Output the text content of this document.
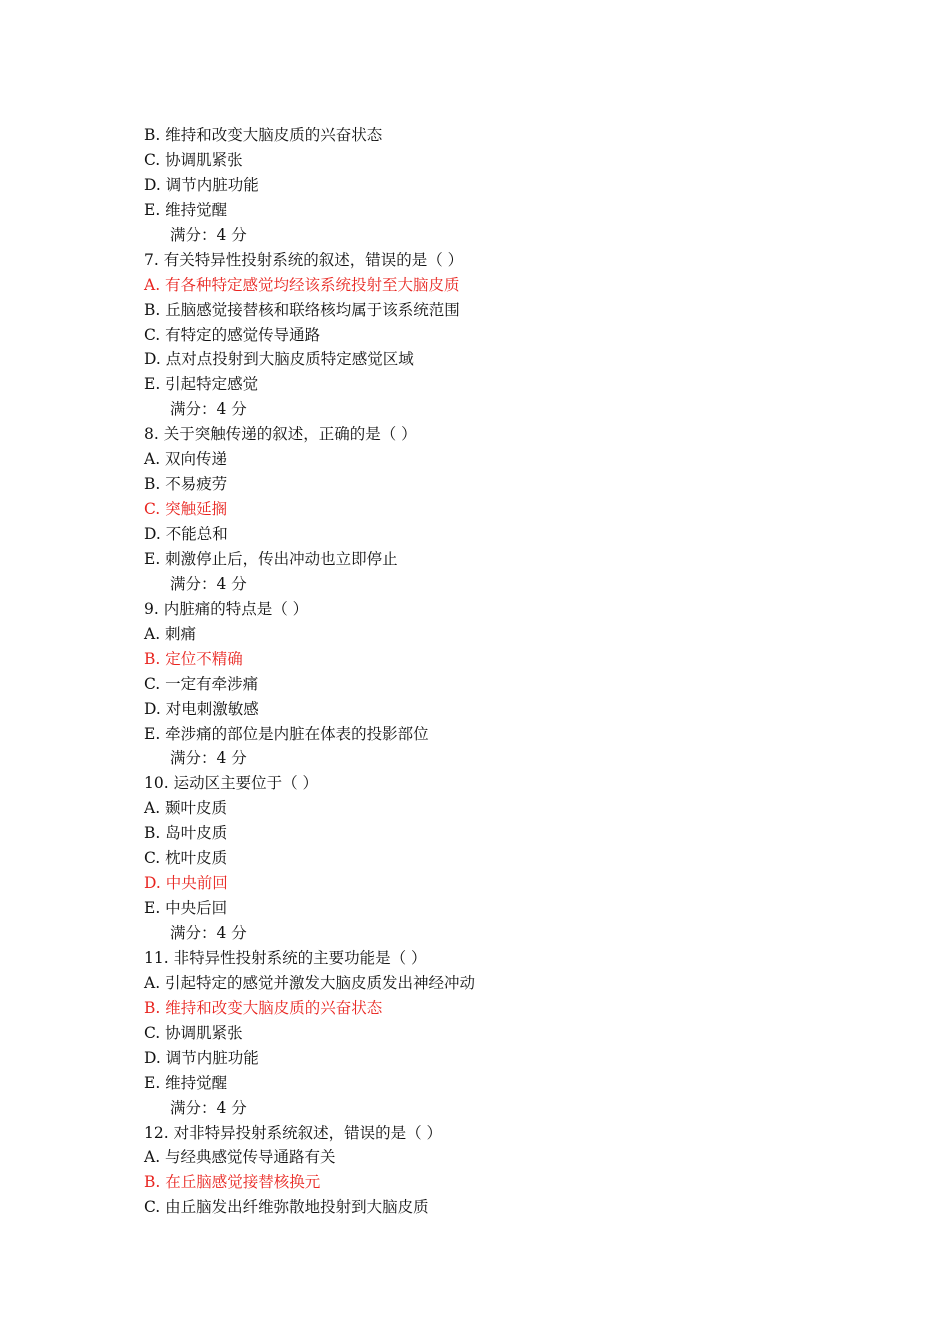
B. 维持和改变大脑皮质的兴奋状态
C. 协调肌紧张
D. 调节内脏功能
E. 维持觉醒
满分：4 分
7. 有关特异性投射系统的叙述，错误的是（ ）
A. 有各种特定感觉均经该系统投射至大脑皮质
B. 丘脑感觉接替核和联络核均属于该系统范围
C. 有特定的感觉传导通路
D. 点对点投射到大脑皮质特定感觉区域
E. 引起特定感觉
满分：4 分
8. 关于突触传递的叙述，正确的是（ ）
A. 双向传递
B. 不易疲劳
C. 突触延搁
D. 不能总和
E. 刺激停止后，传出冲动也立即停止
满分：4 分
9. 内脏痛的特点是（ ）
A. 刺痛
B. 定位不精确
C. 一定有牵涉痛
D. 对电刺激敏感
E. 牵涉痛的部位是内脏在体表的投影部位
满分：4 分
10. 运动区主要位于（ ）
A. 颞叶皮质
B. 岛叶皮质
C. 枕叶皮质
D. 中央前回
E. 中央后回
满分：4 分
11. 非特异性投射系统的主要功能是（ ）
A. 引起特定的感觉并激发大脑皮质发出神经冲动
B. 维持和改变大脑皮质的兴奋状态
C. 协调肌紧张
D. 调节内脏功能
E. 维持觉醒
满分：4 分
12. 对非特异投射系统叙述，错误的是（ ）
A. 与经典感觉传导通路有关
B. 在丘脑感觉接替核换元
C. 由丘脑发出纤维弥散地投射到大脑皮质
